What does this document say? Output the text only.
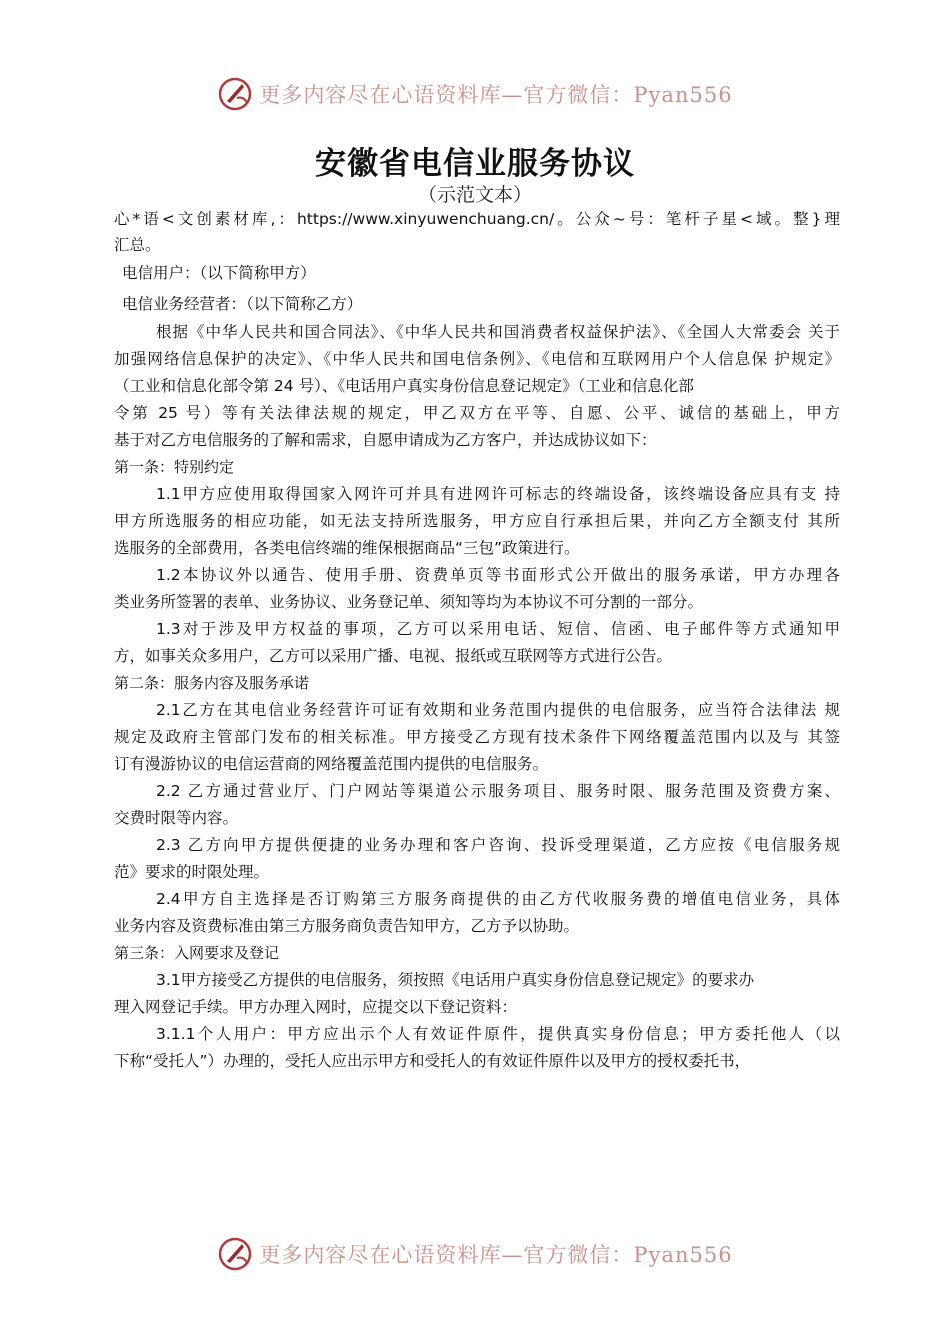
更多内容尽在心语资料库—官方微信：Pyan556
安徽省电信业服务协议
（示范文本）
心*语<文创素材库,：https://www.xinyuwenchuang.cn/。公众~号：笔杆子星<域。整}理
汇总。
电信用户：（以下简称甲方）
电信业务经营者：（以下简称乙方）
根据《中华人民共和国合同法》、《中华人民共和国消费者权益保护法》、《全国人大常委会 关于
加强网络信息保护的决定》、《中华人民共和国电信条例》、《电信和互联网用户个人信息保 护规定》
（工业和信息化部令第 24 号）、《电话用户真实身份信息登记规定》（工业和信息化部
令第 25 号）等有关法律法规的规定，甲乙双方在平等、自愿、公平、诚信的基础上，甲方
基于对乙方电信服务的了解和需求，自愿申请成为乙方客户，并达成协议如下：
第一条：特别约定
1.1甲方应使用取得国家入网许可并具有进网许可标志的终端设备，该终端设备应具有支 持
甲方所选服务的相应功能，如无法支持所选服务，甲方应自行承担后果，并向乙方全额支付 其所
选服务的全部费用，各类电信终端的维保根据商品“三包”政策进行。
1.2本协议外以通告、使用手册、资费单页等书面形式公开做出的服务承诺，甲方办理各
类业务所签署的表单、业务协议、业务登记单、须知等均为本协议不可分割的一部分。
1.3对于涉及甲方权益的事项，乙方可以采用电话、短信、信函、电子邮件等方式通知甲
方，如事关众多用户，乙方可以采用广播、电视、报纸或互联网等方式进行公告。
第二条：服务内容及服务承诺
2.1乙方在其电信业务经营许可证有效期和业务范围内提供的电信服务，应当符合法律法 规
规定及政府主管部门发布的相关标准。甲方接受乙方现有技术条件下网络覆盖范围内以及与 其签
订有漫游协议的电信运营商的网络覆盖范围内提供的电信服务。
2.2 乙方通过营业厅、门户网站等渠道公示服务项目、服务时限、服务范围及资费方案、
交费时限等内容。
2.3 乙方向甲方提供便捷的业务办理和客户咨询、投诉受理渠道，乙方应按《电信服务规
范》要求的时限处理。
2.4甲方自主选择是否订购第三方服务商提供的由乙方代收服务费的增值电信业务，具体
业务内容及资费标准由第三方服务商负责告知甲方，乙方予以协助。
第三条：入网要求及登记
3.1甲方接受乙方提供的电信服务，须按照《电话用户真实身份信息登记规定》的要求办
理入网登记手续。甲方办理入网时，应提交以下登记资料：
3.1.1个人用户：甲方应出示个人有效证件原件，提供真实身份信息；甲方委托他人（以
下称“受托人”）办理的，受托人应出示甲方和受托人的有效证件原件以及甲方的授权委托书，
更多内容尽在心语资料库—官方微信：Pyan556
